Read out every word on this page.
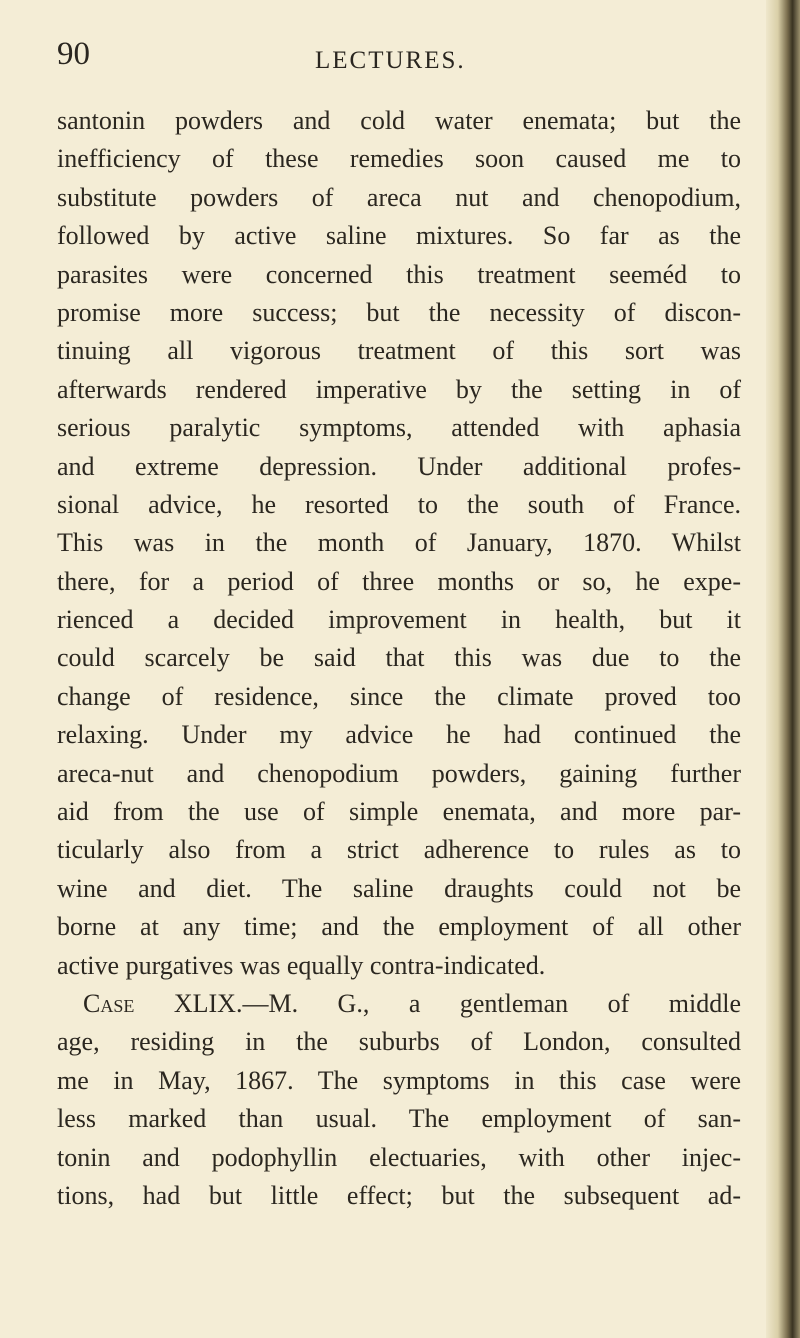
90	LECTURES.
santonin powders and cold water enemata; but the
inefficiency of these remedies soon caused me to
substitute powders of areca nut and chenopodium,
followed by active saline mixtures. So far as the
parasites were concerned this treatment seeméd to
promise more success; but the necessity of discon-
tinuing all vigorous treatment of this sort was
afterwards rendered imperative by the setting in of
serious paralytic symptoms, attended with aphasia
and extreme depression. Under additional profes-
sional advice, he resorted to the south of France.
This was in the month of January, 1870. Whilst
there, for a period of three months or so, he expe-
rienced a decided improvement in health, but it
could scarcely be said that this was due to the
change of residence, since the climate proved too
relaxing. Under my advice he had continued the
areca-nut and chenopodium powders, gaining further
aid from the use of simple enemata, and more par-
ticularly also from a strict adherence to rules as to
wine and diet. The saline draughts could not be
borne at any time; and the employment of all other
active purgatives was equally contra-indicated.
Case XLIX.—M. G., a gentleman of middle
age, residing in the suburbs of London, consulted
me in May, 1867. The symptoms in this case were
less marked than usual. The employment of san-
tonin and podophyllin electuaries, with other injec-
tions, had but little effect; but the subsequent ad-
